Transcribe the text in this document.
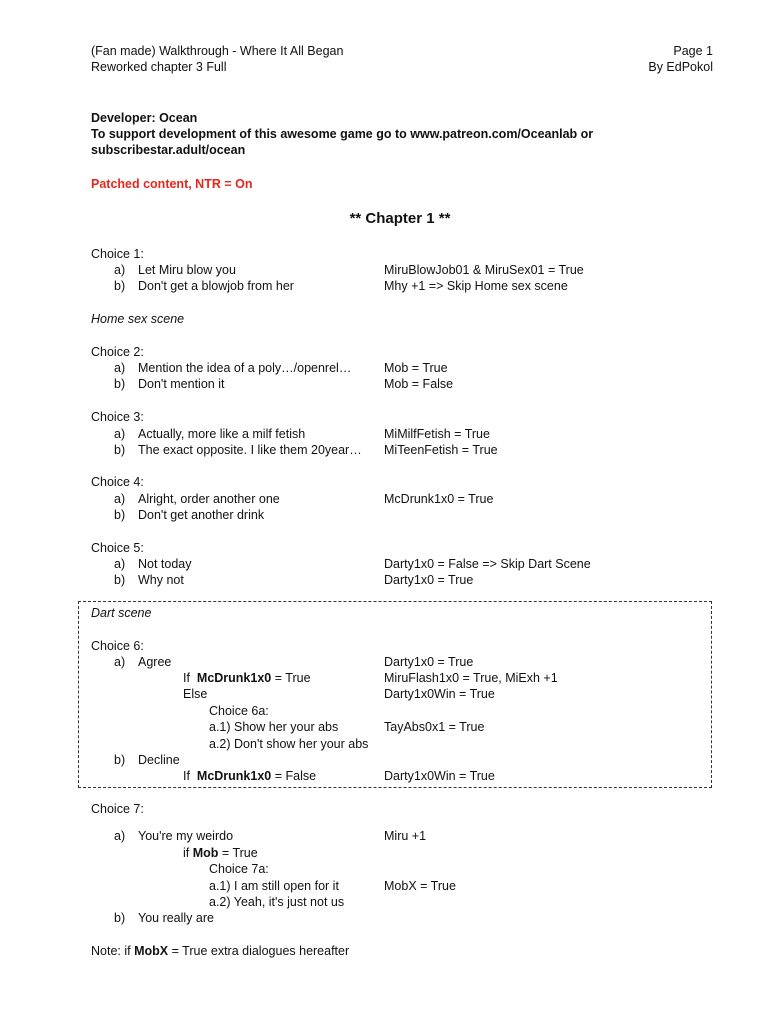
(Fan made) Walkthrough - Where It All Began
Reworked chapter 3 Full
Page 1
By EdPokol
Developer: Ocean
To support development of this awesome game go to www.patreon.com/Oceanlab or
subscribestar.adult/ocean
Patched content, NTR = On
** Chapter 1 **
Choice 1:
a) Let Miru blow you	MiruBlowJob01 & MiruSex01 = True
b) Don't get a blowjob from her	Mhy +1 => Skip Home sex scene
Home sex scene
Choice 2:
a) Mention the idea of a poly…/openrel…	Mob = True
b) Don't mention it	Mob = False
Choice 3:
a) Actually, more like a milf fetish	MiMilfFetish = True
b) The exact opposite. I like them 20year… MiTeenFetish = True
Choice 4:
a) Alright, order another one	McDrunk1x0 = True
b) Don't get another drink
Choice 5:
a) Not today	Darty1x0 = False => Skip Dart Scene
b) Why not	Darty1x0 = True
Dart scene
Choice 6:
a) Agree	Darty1x0 = True
If McDrunk1x0 = True	MiruFlash1x0 = True, MiExh +1
Else	Darty1x0Win = True
Choice 6a:
a.1) Show her your abs	TayAbs0x1 = True
a.2) Don't show her your abs
b) Decline
If McDrunk1x0 = False	Darty1x0Win = True
Choice 7:
a) You're my weirdo	Miru +1
if Mob = True
Choice 7a:
a.1) I am still open for it	MobX = True
a.2) Yeah, it's just not us
b) You really are
Note: if MobX = True extra dialogues hereafter
